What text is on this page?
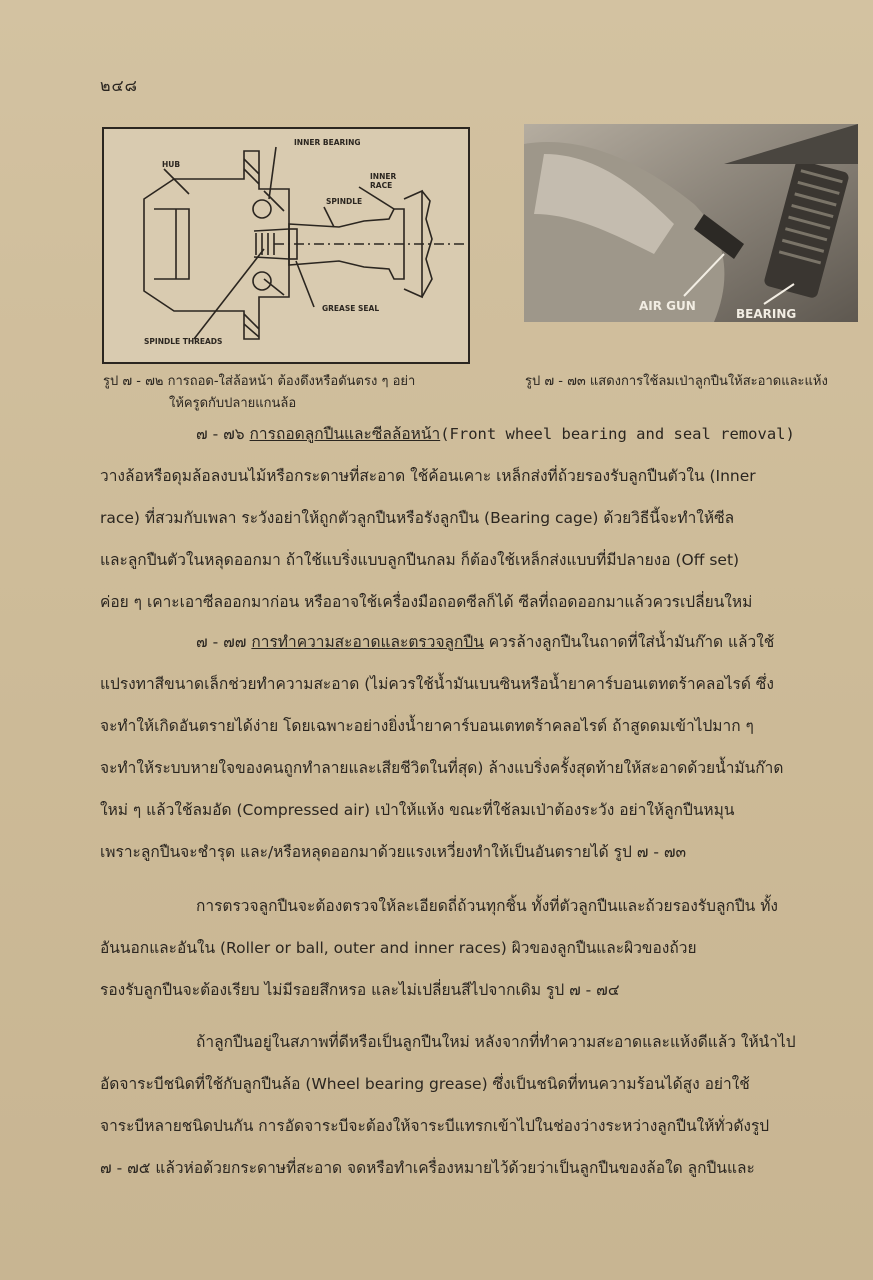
๒๔๘
INNER BEARING
HUB
INNER
RACE
SPINDLE
GREASE SEAL
SPINDLE THREADS
AIR GUN
BEARING
รูป ๗ - ๗๒ การถอด-ใส่ล้อหน้า ต้องดึงหรือดันตรง ๆ อย่า
ให้ครูดกับปลายแกนล้อ
รูป ๗ - ๗๓ แสดงการใช้ลมเป่าลูกปืนให้สะอาดและแห้ง
๗ - ๗๖ การถอดลูกปืนและซีลล้อหน้า(Front wheel bearing and seal removal)
วางล้อหรือดุมล้อลงบนไม้หรือกระดาษที่สะอาด ใช้ค้อนเคาะ เหล็กส่งที่ถ้วยรองรับลูกปืนตัวใน (Inner
race) ที่สวมกับเพลา ระวังอย่าให้ถูกตัวลูกปืนหรือรังลูกปืน (Bearing cage) ด้วยวิธีนี้จะทำให้ซีล
และลูกปืนตัวในหลุดออกมา ถ้าใช้แบริ่งแบบลูกปืนกลม ก็ต้องใช้เหล็กส่งแบบที่มีปลายงอ (Off set)
ค่อย ๆ เคาะเอาซีลออกมาก่อน หรืออาจใช้เครื่องมือถอดซีลก็ได้ ซีลที่ถอดออกมาแล้วควรเปลี่ยนใหม่
๗ - ๗๗ การทำความสะอาดและตรวจลูกปืน ควรล้างลูกปืนในถาดที่ใส่น้ำมันก๊าด แล้วใช้
แปรงทาสีขนาดเล็กช่วยทำความสะอาด (ไม่ควรใช้น้ำมันเบนซินหรือน้ำยาคาร์บอนเตทตร้าคลอไรด์ ซึ่ง
จะทำให้เกิดอันตรายได้ง่าย โดยเฉพาะอย่างยิ่งน้ำยาคาร์บอนเตทตร้าคลอไรด์ ถ้าสูดดมเข้าไปมาก ๆ
จะทำให้ระบบหายใจของคนถูกทำลายและเสียชีวิตในที่สุด) ล้างแบริ่งครั้งสุดท้ายให้สะอาดด้วยน้ำมันก๊าด
ใหม่ ๆ แล้วใช้ลมอัด (Compressed air) เป่าให้แห้ง ขณะที่ใช้ลมเป่าต้องระวัง อย่าให้ลูกปืนหมุน
เพราะลูกปืนจะชำรุด และ/หรือหลุดออกมาด้วยแรงเหวี่ยงทำให้เป็นอันตรายได้ รูป ๗ - ๗๓
การตรวจลูกปืนจะต้องตรวจให้ละเอียดถี่ถ้วนทุกชิ้น ทั้งที่ตัวลูกปืนและถ้วยรองรับลูกปืน ทั้ง
อันนอกและอันใน (Roller or ball, outer and inner races) ผิวของลูกปืนและผิวของถ้วย
รองรับลูกปืนจะต้องเรียบ ไม่มีรอยสึกหรอ และไม่เปลี่ยนสีไปจากเดิม รูป ๗ - ๗๔
ถ้าลูกปืนอยู่ในสภาพที่ดีหรือเป็นลูกปืนใหม่ หลังจากที่ทำความสะอาดและแห้งดีแล้ว ให้นำไป
อัดจาระบีชนิดที่ใช้กับลูกปืนล้อ (Wheel bearing grease) ซึ่งเป็นชนิดที่ทนความร้อนได้สูง อย่าใช้
จาระบีหลายชนิดปนกัน การอัดจาระบีจะต้องให้จาระบีแทรกเข้าไปในช่องว่างระหว่างลูกปืนให้ทั่วดังรูป
๗ - ๗๕ แล้วห่อด้วยกระดาษที่สะอาด จดหรือทำเครื่องหมายไว้ด้วยว่าเป็นลูกปืนของล้อใด ลูกปืนและ
